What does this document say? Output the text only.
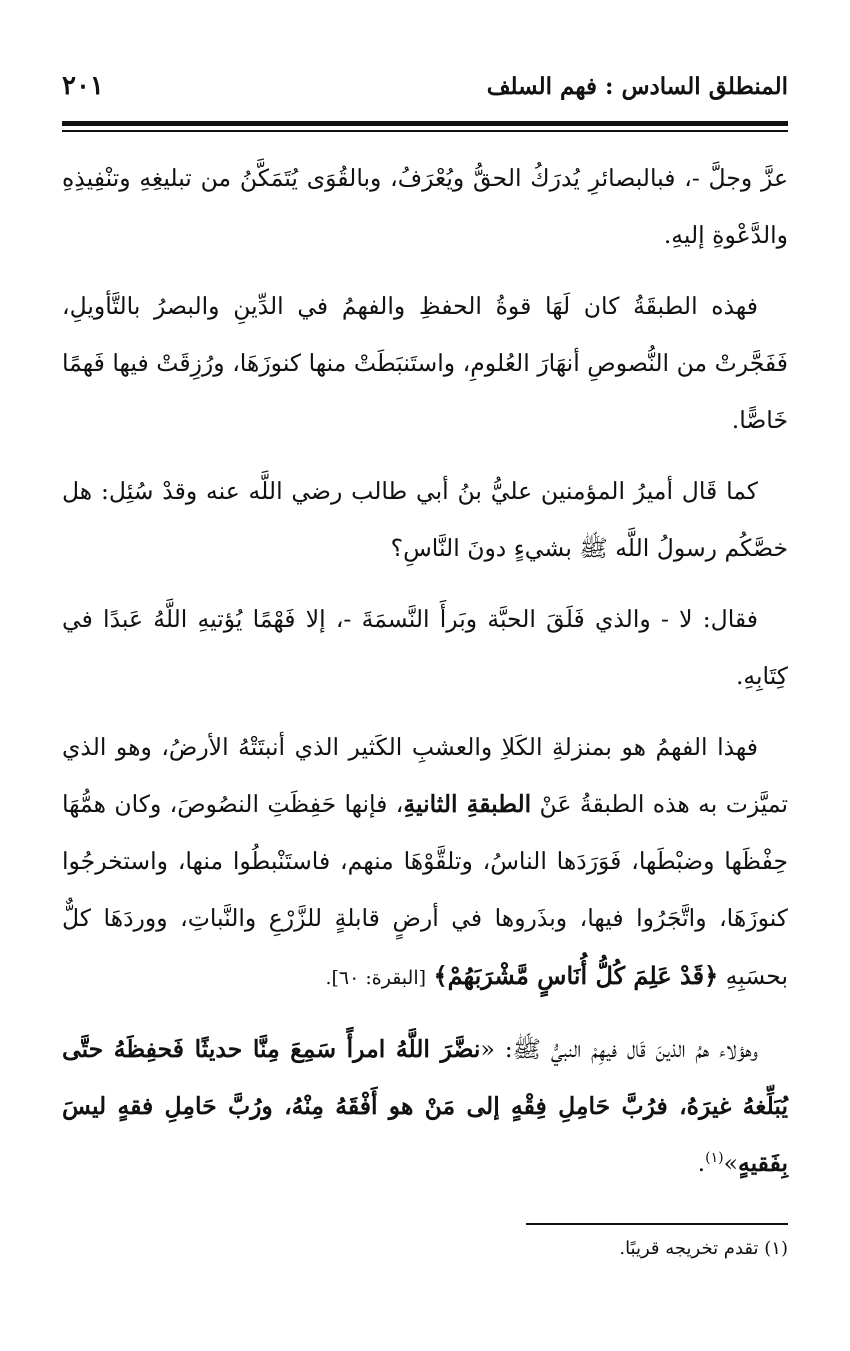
المنطلق السادس : فهم السلف
٢٠١

عزَّ وجلَّ -، فبالبصائرِ يُدرَكُ الحقُّ ويُعْرَفُ، وبالقُوَى يُتَمَكَّنُ من تبليغِهِ وتنْفِيذِهِ والدَّعْوةِ إليهِ.

فهذه الطبقَةُ كان لَهَا قوةُ الحفظِ والفهمُ في الدِّينِ والبصرُ بالتَّأويلِ، فَفَجَّرتْ من النُّصوصِ أنهَارَ العُلومِ، واستَنبَطَتْ منها كنوزَهَا، ورُزِقَتْ فيها فَهمًا خَاصًّا.

كما قَال أميرُ المؤمنين عليُّ بنُ أبي طالب رضي اللَّه عنه وقدْ سُئِل: هل خصَّكُم رسولُ اللَّه ﷺ بشيءٍ دونَ النَّاسِ؟

فقال: لا - والذي فَلَقَ الحبَّة وبَرأَ النَّسمَةَ -، إلا فَهْمًا يُؤتيهِ اللَّهُ عَبدًا في كِتَابِهِ.

فهذا الفهمُ هو بمنزلةِ الكَلاِ والعشبِ الكَثير الذي أنبتَتْهُ الأرضُ، وهو الذي تميَّزت به هذه الطبقةُ عَنْ الطبقةِ الثانيةِ، فإنها حَفِظَتِ النصُوصَ، وكان همُّهَا حِفْظَها وضبْطَها، فَوَرَدَها الناسُ، وتلقَّوْهَا منهم، فاستَنْبطُوا منها، واستخرجُوا كنوزَهَا، واتَّجَرُوا فيها، وبذَروها في أرضٍ قابلةٍ للزَّرْعِ والنَّباتِ، ووردَهَا كلٌّ بحسَبِهِ ﴿قَدْ عَلِمَ كُلُّ أُنَاسٍ مَّشْرَبَهُمْ﴾ [البقرة: ٦٠].

وهؤلاء همُ الذينَ قَال فيهِمْ النبيُّ ﷺ: «نضَّرَ اللَّهُ امرأً سَمِعَ مِنَّا حديثًا فَحفِظَهُ حتَّى يُبَلِّغهُ غيرَهُ، فرُبَّ حَامِلِ فِقْهٍ إلى مَنْ هو أَفْقَهُ مِنْهُ، ورُبَّ حَامِلِ فقهٍ ليسَ بِفَقيهٍ»$^{(١)}$.

(١) تقدم تخريجه قريبًا.
